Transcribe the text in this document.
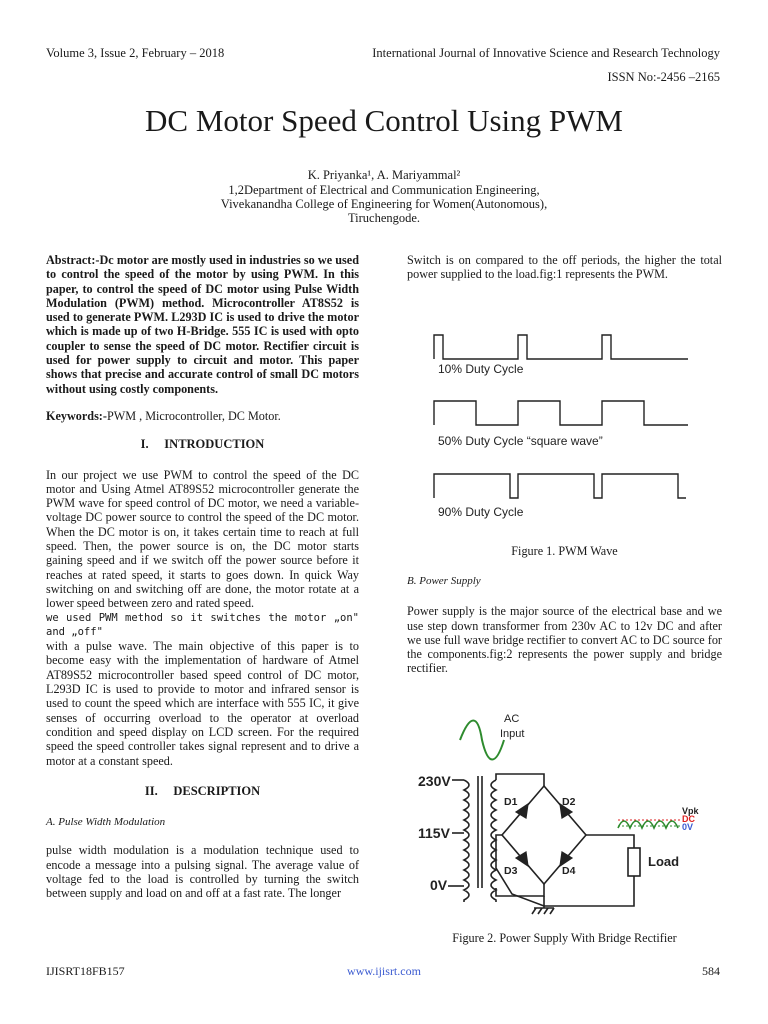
Volume 3, Issue 2, February – 2018	International Journal of Innovative Science and Research Technology
ISSN No:-2456 –2165
DC Motor Speed Control Using PWM
K. Priyanka¹, A. Mariyammal²
1,2Department of Electrical and Communication Engineering,
Vivekanandha College of Engineering for Women(Autonomous),
Tiruchengode.

Abstract:-Dc motor are mostly used in industries so we used to control the speed of the motor by using PWM. In this paper, to control the speed of DC motor using Pulse Width Modulation (PWM) method. Microcontroller AT8S52 is used to generate PWM. L293D IC is used to drive the motor which is made up of two H-Bridge. 555 IC is used with opto coupler to sense the speed of DC motor. Rectifier circuit is used for power supply to circuit and motor. This paper shows that precise and accurate control of small DC motors without using costly components.

Keywords:-PWM , Microcontroller, DC Motor.

I. INTRODUCTION

In our project we use PWM to control the speed of the DC motor and Using Atmel AT89S52 microcontroller generate the PWM wave for speed control of DC motor, we need a variable-voltage DC power source to control the speed of the DC motor. When the DC motor is on, it takes certain time to reach at full speed. Then, the power source is on, the DC motor starts gaining speed and if we switch off the power source before it reaches at rated speed, it starts to goes down. In quick Way switching on and switching off are done, the motor rotate at a lower speed between zero and rated speed.

we used PWM method so it switches the motor „on" and „off"

with a pulse wave. The main objective of this paper is to become easy with the implementation of hardware of Atmel AT89S52 microcontroller based speed control of DC motor, L293D IC is used to provide to motor and infrared sensor is used to count the speed which are interface with 555 IC, it give senses of occurring overload to the operator at overload condition and speed display on LCD screen. For the required speed the speed controller takes signal represent and to drive a motor at a constant speed.

II. DESCRIPTION

A. Pulse Width Modulation

pulse width modulation is a modulation technique used to encode a message into a pulsing signal. The average value of voltage fed to the load is controlled by turning the switch between supply and load on and off at a fast rate. The longer

Switch is on compared to the off periods, the higher the total power supplied to the load.fig:1 represents the PWM.

10% Duty Cycle
50% Duty Cycle “square wave”
90% Duty Cycle
Figure 1. PWM Wave

B. Power Supply

Power supply is the major source of the electrical base and we use step down transformer from 230v AC to 12v DC and after we use full wave bridge rectifier to convert AC to DC source for the components.fig:2 represents the power supply and bridge rectifier.

AC
Input
230V
115V
0V
D1	D2
D3	D4
Load
Vpk
DC
0V
Figure 2. Power Supply With Bridge Rectifier
IJISRT18FB157	www.ijisrt.com	584
